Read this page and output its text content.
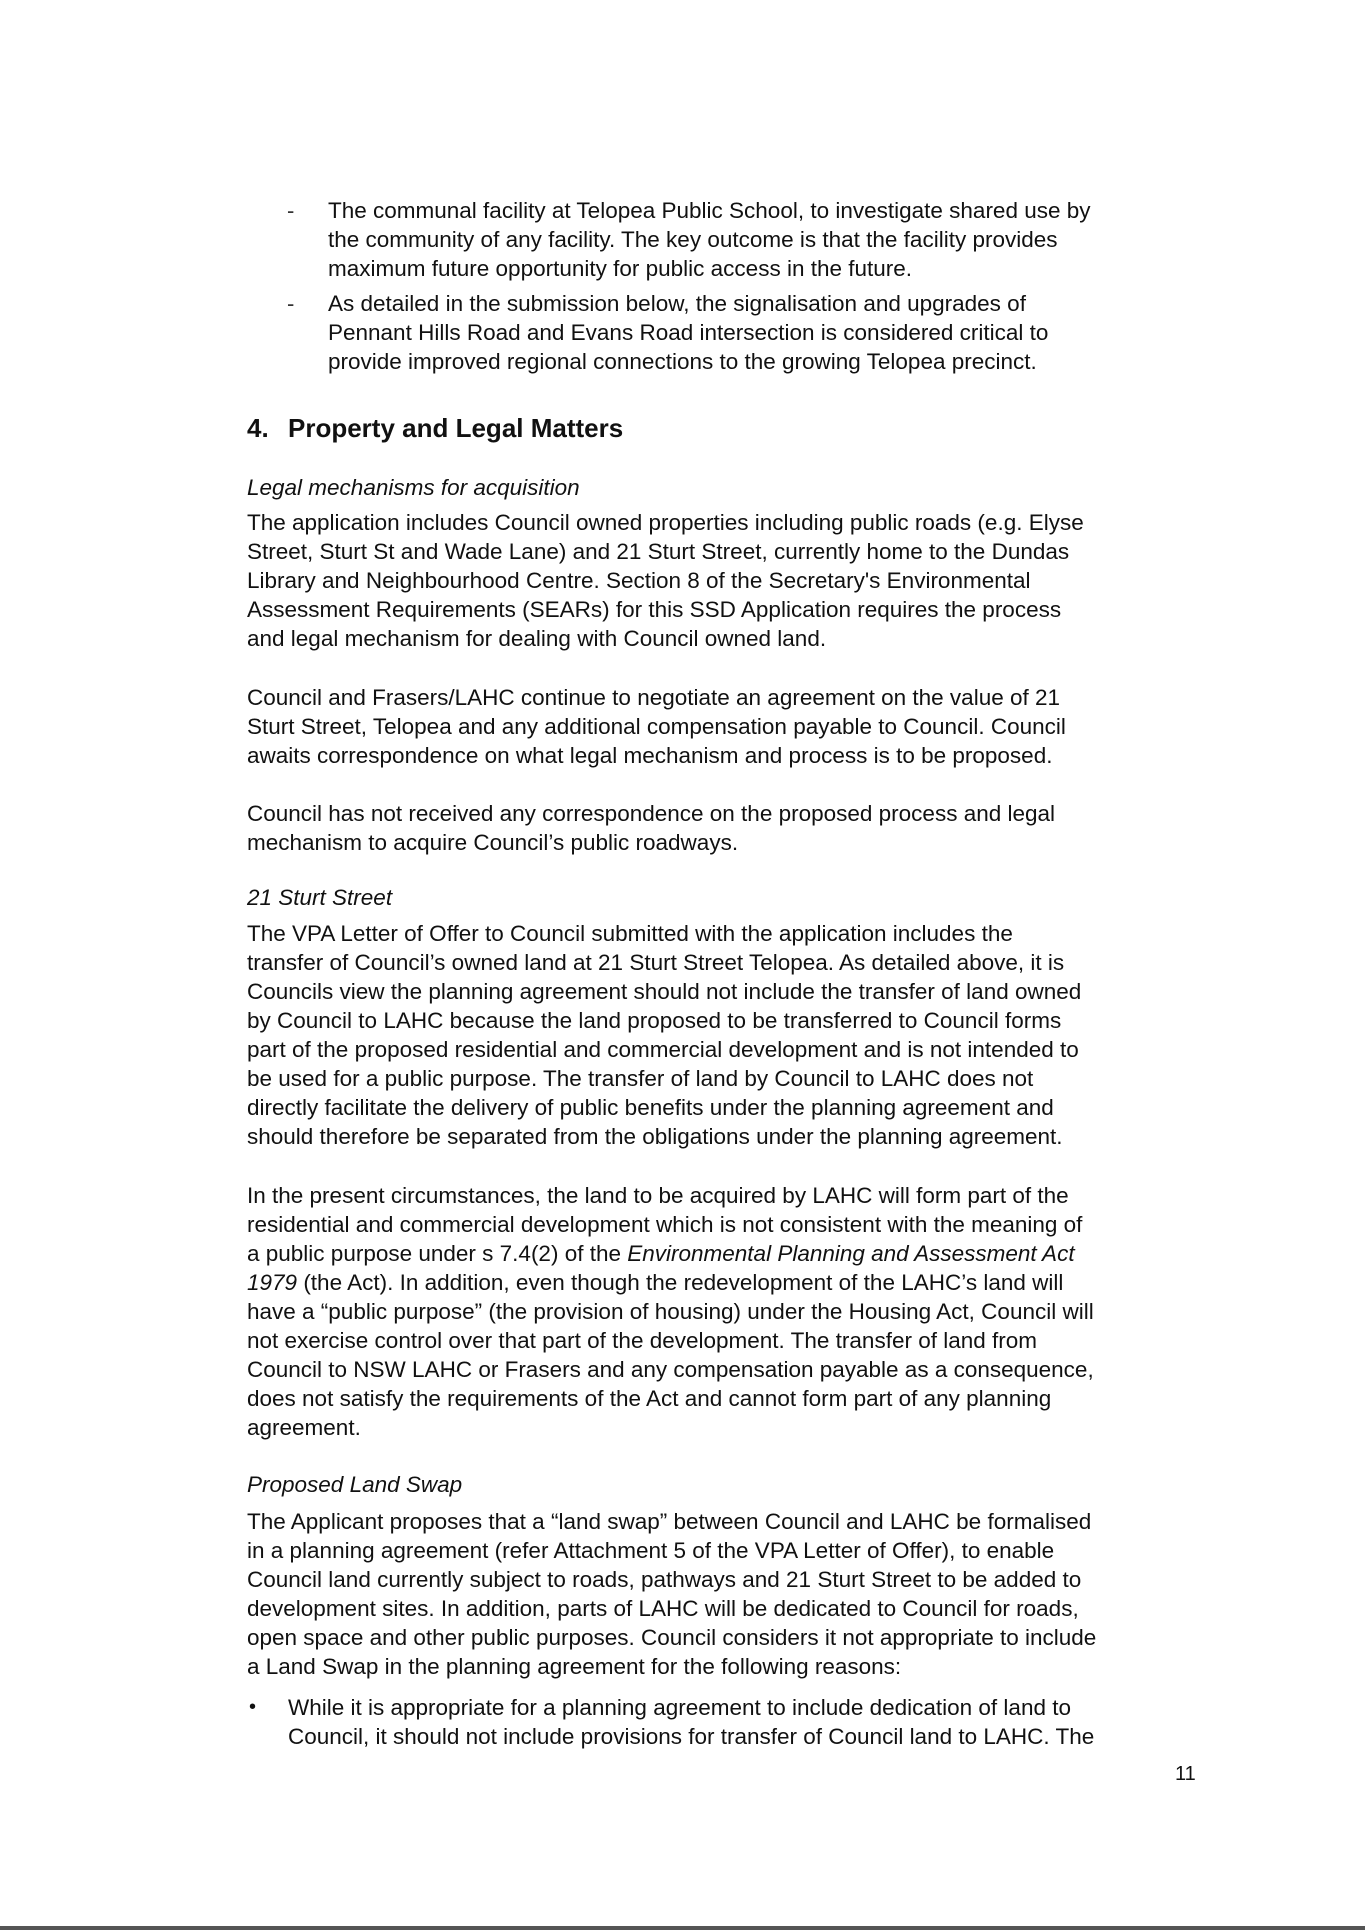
- The communal facility at Telopea Public School, to investigate shared use by

the community of any facility. The key outcome is that the facility provides

maximum future opportunity for public access in the future.

- As detailed in the submission below, the signalisation and upgrades of

Pennant Hills Road and Evans Road intersection is considered critical to

provide improved regional connections to the growing Telopea precinct.

4. Property and Legal Matters

Legal mechanisms for acquisition

The application includes Council owned properties including public roads (e.g. Elyse

Street, Sturt St and Wade Lane) and 21 Sturt Street, currently home to the Dundas

Library and Neighbourhood Centre. Section 8 of the Secretary's Environmental

Assessment Requirements (SEARs) for this SSD Application requires the process

and legal mechanism for dealing with Council owned land.

Council and Frasers/LAHC continue to negotiate an agreement on the value of 21

Sturt Street, Telopea and any additional compensation payable to Council. Council

awaits correspondence on what legal mechanism and process is to be proposed.

Council has not received any correspondence on the proposed process and legal

mechanism to acquire Council’s public roadways.

21 Sturt Street

The VPA Letter of Offer to Council submitted with the application includes the

transfer of Council’s owned land at 21 Sturt Street Telopea. As detailed above, it is

Councils view the planning agreement should not include the transfer of land owned

by Council to LAHC because the land proposed to be transferred to Council forms

part of the proposed residential and commercial development and is not intended to

be used for a public purpose. The transfer of land by Council to LAHC does not

directly facilitate the delivery of public benefits under the planning agreement and

should therefore be separated from the obligations under the planning agreement.

In the present circumstances, the land to be acquired by LAHC will form part of the

residential and commercial development which is not consistent with the meaning of

a public purpose under s 7.4(2) of the Environmental Planning and Assessment Act

1979 (the Act). In addition, even though the redevelopment of the LAHC’s land will

have a “public purpose” (the provision of housing) under the Housing Act, Council will

not exercise control over that part of the development. The transfer of land from

Council to NSW LAHC or Frasers and any compensation payable as a consequence,

does not satisfy the requirements of the Act and cannot form part of any planning

agreement.

Proposed Land Swap

The Applicant proposes that a “land swap” between Council and LAHC be formalised

in a planning agreement (refer Attachment 5 of the VPA Letter of Offer), to enable

Council land currently subject to roads, pathways and 21 Sturt Street to be added to

development sites. In addition, parts of LAHC will be dedicated to Council for roads,

open space and other public purposes. Council considers it not appropriate to include

a Land Swap in the planning agreement for the following reasons:

• While it is appropriate for a planning agreement to include dedication of land to

Council, it should not include provisions for transfer of Council land to LAHC. The

11
